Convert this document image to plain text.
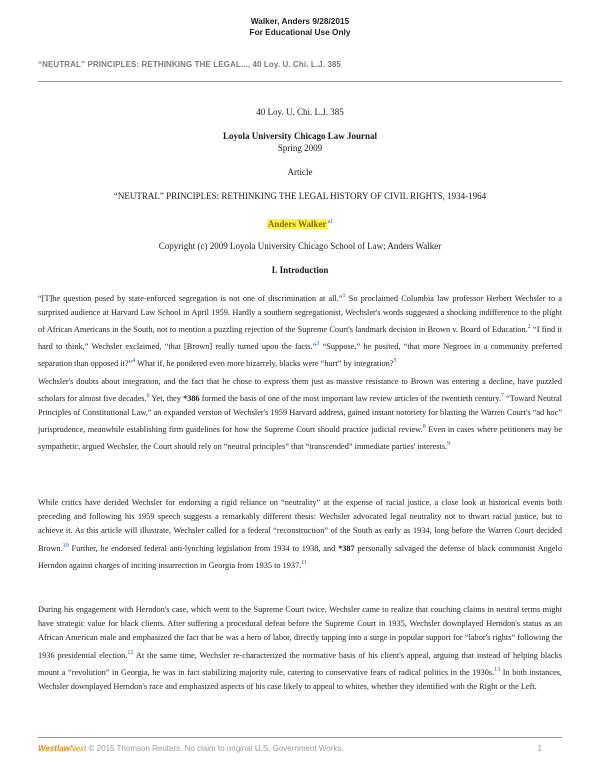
Walker, Anders 9/28/2015
For Educational Use Only
“NEUTRAL” PRINCIPLES: RETHINKING THE LEGAL..., 40 Loy. U. Chi. L.J. 385
40 Loy. U. Chi. L.J. 385
Loyola University Chicago Law Journal
Spring 2009
Article
“NEUTRAL” PRINCIPLES: RETHINKING THE LEGAL HISTORY OF CIVIL RIGHTS, 1934-1964
Anders Walker$^{a1}$
Copyright (c) 2009 Loyola University Chicago School of Law; Anders Walker
I. Introduction

“[T]he question posed by state-enforced segregation is not one of discrimination at all.”$^1$ So proclaimed Columbia law professor Herbert Wechsler to a surprised audience at Harvard Law School in April 1959. Hardly a southern segregationist, Wechsler's words suggested a shocking indifference to the plight of African Americans in the South, not to mention a puzzling rejection of the Supreme Court's landmark decision in Brown v. Board of Education.$^2$ “I find it hard to think,” Wechsler exclaimed, “that [Brown] really turned upon the facts.”$^3$ “Suppose,” he posited, “that more Negroes in a community preferred separation than opposed it?”$^4$ What if, he pondered even more bizarrely, blacks were “hurt” by integration?$^5$

Wechsler's doubts about integration, and the fact that he chose to express them just as massive resistance to Brown was entering a decline, have puzzled scholars for almost five decades.$^6$ Yet, they *386 formed the basis of one of the most important law review articles of the twentieth century.$^7$ “Toward Neutral Principles of Constitutional Law,” an expanded version of Wechsler's 1959 Harvard address, gained instant notoriety for blasting the Warren Court's “ad hoc” jurisprudence, meanwhile establishing firm guidelines for how the Supreme Court should practice judicial review.$^8$ Even in cases where petitioners may be sympathetic, argued Wechsler, the Court should rely on “neutral principles” that “transcended” immediate parties' interests.$^9$

While critics have derided Wechsler for endorsing a rigid reliance on “neutrality” at the expense of racial justice, a close look at historical events both preceding and following his 1959 speech suggests a remarkably different thesis: Wechsler advocated legal neutrality not to thwart racial justice, but to achieve it. As this article will illustrate, Wechsler called for a federal “reconstruction” of the South as early as 1934, long before the Warren Court decided Brown.$^{10}$ Further, he endorsed federal anti-lynching legislation from 1934 to 1938, and *387 personally salvaged the defense of black communist Angelo Herndon against charges of inciting insurrection in Georgia from 1935 to 1937.11

During his engagement with Herndon's case, which went to the Supreme Court twice, Wechsler came to realize that couching claims in neutral terms might have strategic value for black clients. After suffering a procedural defeat before the Supreme Court in 1935, Wechsler downplayed Herndon's status as an African American male and emphasized the fact that he was a hero of labor, directly tapping into a surge in popular support for “labor's rights” following the 1936 presidential election.$^{12}$ At the same time, Wechsler re-characterized the normative basis of his client's appeal, arguing that instead of helping blacks mount a “revolution” in Georgia, he was in fact stabilizing majority rule, catering to conservative fears of radical politics in the 1930s.$^{13}$ In both instances, Wechsler downplayed Herndon's race and emphasized aspects of his case likely to appeal to whites, whether they identified with the Right or the Left.

WestlawNext © 2015 Thomson Reuters. No claim to original U.S. Government Works.	1
